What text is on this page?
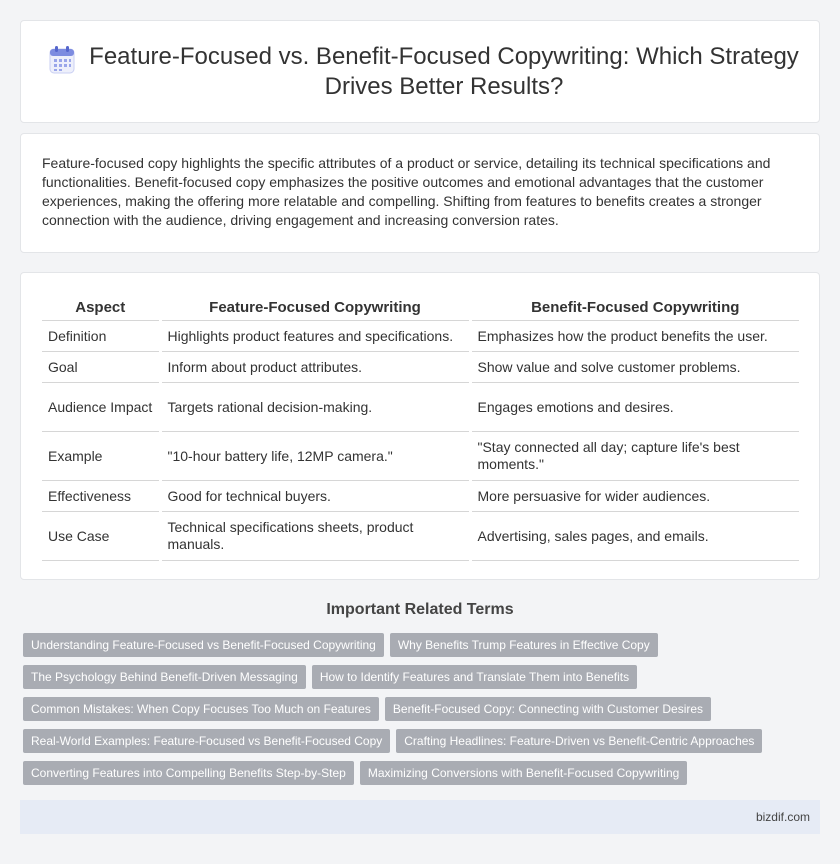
Feature-Focused vs. Benefit-Focused Copywriting: Which Strategy Drives Better Results?

Feature-focused copy highlights the specific attributes of a product or service, detailing its technical specifications and functionalities. Benefit-focused copy emphasizes the positive outcomes and emotional advantages that the customer experiences, making the offering more relatable and compelling. Shifting from features to benefits creates a stronger connection with the audience, driving engagement and increasing conversion rates.

Aspect	Feature-Focused Copywriting	Benefit-Focused Copywriting
Definition	Highlights product features and specifications.	Emphasizes how the product benefits the user.
Goal	Inform about product attributes.	Show value and solve customer problems.
Audience Impact	Targets rational decision-making.	Engages emotions and desires.
Example	"10-hour battery life, 12MP camera."	"Stay connected all day; capture life's best moments."
Effectiveness	Good for technical buyers.	More persuasive for wider audiences.
Use Case	Technical specifications sheets, product manuals.	Advertising, sales pages, and emails.
Important Related Terms
Understanding Feature-Focused vs Benefit-Focused Copywriting	Why Benefits Trump Features in Effective Copy
The Psychology Behind Benefit-Driven Messaging	How to Identify Features and Translate Them into Benefits
Common Mistakes: When Copy Focuses Too Much on Features	Benefit-Focused Copy: Connecting with Customer Desires
Real-World Examples: Feature-Focused vs Benefit-Focused Copy	Crafting Headlines: Feature-Driven vs Benefit-Centric Approaches
Converting Features into Compelling Benefits Step-by-Step	Maximizing Conversions with Benefit-Focused Copywriting
bizdif.com
